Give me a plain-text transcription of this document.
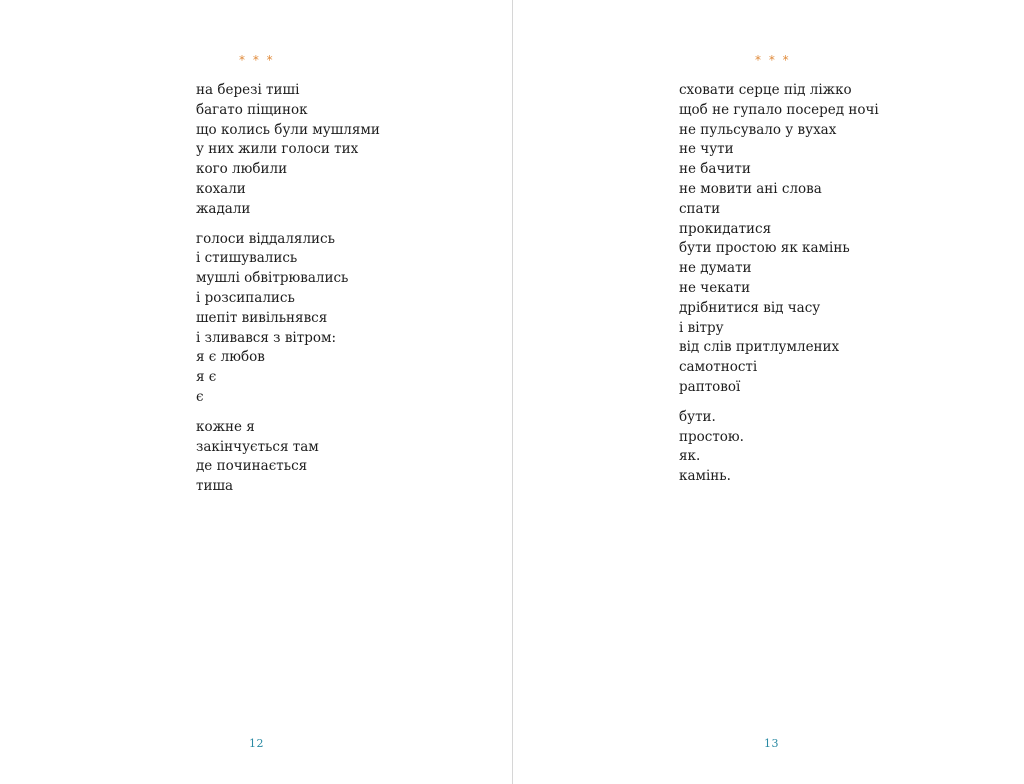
* * *
на березі тиші
багато піщинок
що колись були мушлями
у них жили голоси тих
кого любили
кохали
жадали
голоси віддалялись
і стишувались
мушлі обвітрювались
і розсипались
шепіт вивільнявся
і зливався з вітром:
я є любов
я є
є
кожне я
закінчується там
де починається
тиша
12
* * *
сховати серце під ліжко
щоб не гупало посеред ночі
не пульсувало у вухах
не чути
не бачити
не мовити ані слова
спати
прокидатися
бути простою як камінь
не думати
не чекати
дрібнитися від часу
і вітру
від слів притлумлених
самотності
раптової
бути.
простою.
як.
камінь.
13
